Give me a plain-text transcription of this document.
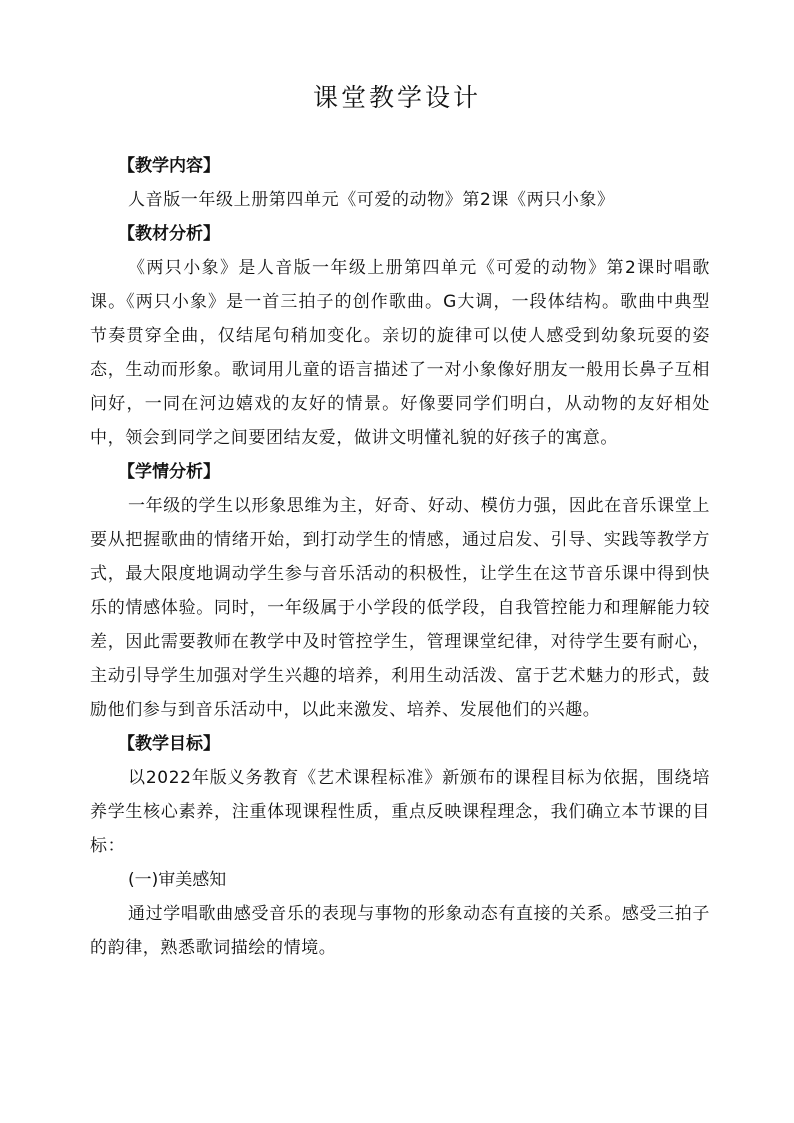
课堂教学设计
【教学内容】

人音版一年级上册第四单元《可爱的动物》第2课《两只小象》

【教材分析】

《两只小象》是人音版一年级上册第四单元《可爱的动物》第2课时唱歌课。《两只小象》是一首三拍子的创作歌曲。G大调，一段体结构。歌曲中典型节奏贯穿全曲，仅结尾句稍加变化。亲切的旋律可以使人感受到幼象玩耍的姿态，生动而形象。歌词用儿童的语言描述了一对小象像好朋友一般用长鼻子互相问好，一同在河边嬉戏的友好的情景。好像要同学们明白，从动物的友好相处中，领会到同学之间要团结友爱，做讲文明懂礼貌的好孩子的寓意。

【学情分析】

一年级的学生以形象思维为主，好奇、好动、模仿力强，因此在音乐课堂上要从把握歌曲的情绪开始，到打动学生的情感，通过启发、引导、实践等教学方式，最大限度地调动学生参与音乐活动的积极性，让学生在这节音乐课中得到快乐的情感体验。同时，一年级属于小学段的低学段，自我管控能力和理解能力较差，因此需要教师在教学中及时管控学生，管理课堂纪律，对待学生要有耐心，主动引导学生加强对学生兴趣的培养，利用生动活泼、富于艺术魅力的形式，鼓励他们参与到音乐活动中，以此来激发、培养、发展他们的兴趣。

【教学目标】

以2022年版义务教育《艺术课程标准》新颁布的课程目标为依据，围绕培养学生核心素养，注重体现课程性质，重点反映课程理念，我们确立本节课的目标：

(一)审美感知

通过学唱歌曲感受音乐的表现与事物的形象动态有直接的关系。感受三拍子的韵律，熟悉歌词描绘的情境。
